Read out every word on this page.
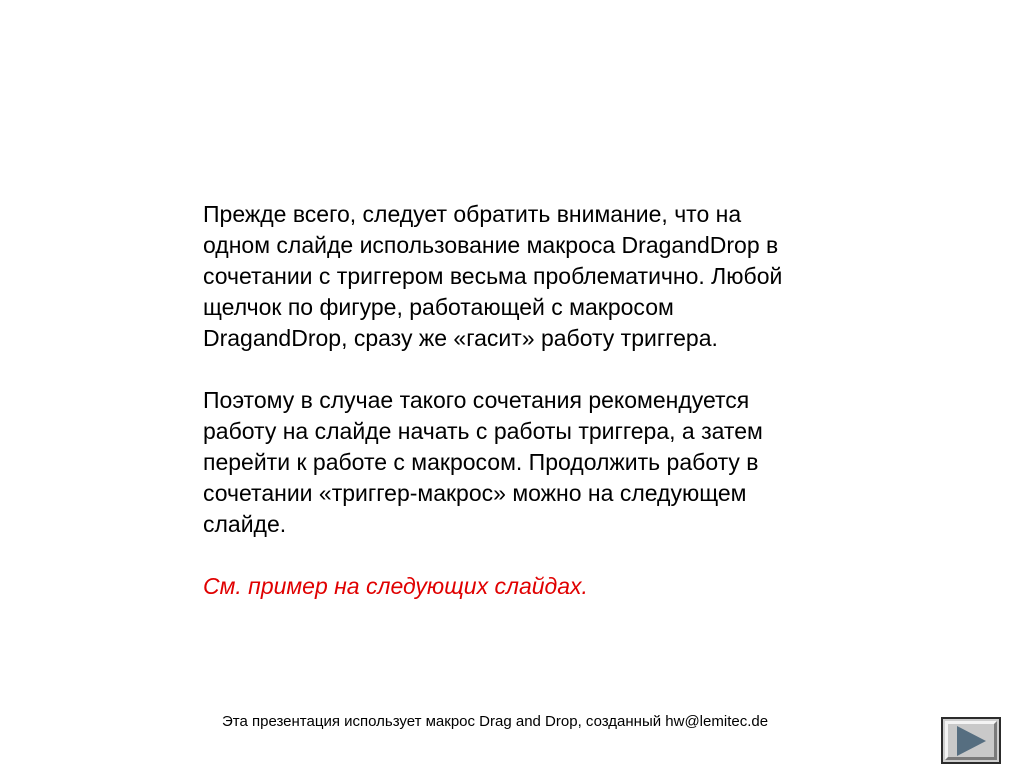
Прежде всего, следует обратить внимание, что на
одном слайде использование макроса DragandDrop в
сочетании с триггером весьма проблематично. Любой
щелчок по фигуре, работающей с макросом
DragandDrop, сразу же «гасит» работу триггера.

Поэтому в случае такого сочетания рекомендуется
работу на слайде начать с работы триггера, а затем
перейти к работе с макросом. Продолжить работу в
сочетании «триггер-макрос» можно на следующем
слайде.

См. пример на следующих слайдах.

Эта презентация использует макрос Drag and Drop, созданный hw@lemitec.de
